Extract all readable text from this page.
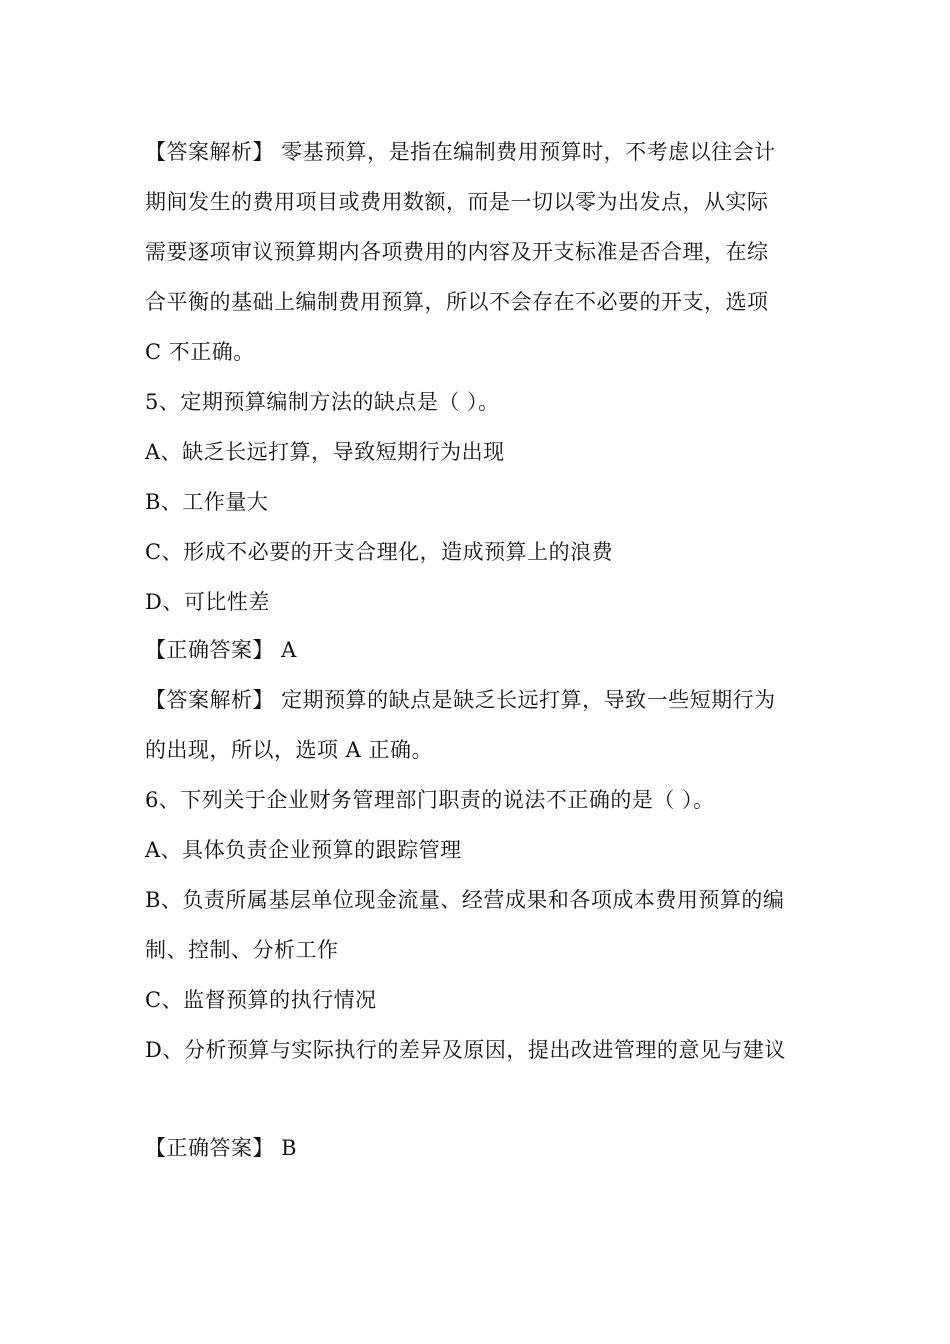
【答案解析】 零基预算，是指在编制费用预算时，不考虑以往会计
期间发生的费用项目或费用数额，而是一切以零为出发点，从实际
需要逐项审议预算期内各项费用的内容及开支标准是否合理，在综
合平衡的基础上编制费用预算，所以不会存在不必要的开支，选项
C 不正确。
5、定期预算编制方法的缺点是（ ）。
A、缺乏长远打算，导致短期行为出现
B、工作量大
C、形成不必要的开支合理化，造成预算上的浪费
D、可比性差
【正确答案】 A
【答案解析】 定期预算的缺点是缺乏长远打算，导致一些短期行为
的出现，所以，选项 A 正确。
6、下列关于企业财务管理部门职责的说法不正确的是（ ）。
A、具体负责企业预算的跟踪管理
B、负责所属基层单位现金流量、经营成果和各项成本费用预算的编
制、控制、分析工作
C、监督预算的执行情况
D、分析预算与实际执行的差异及原因，提出改进管理的意见与建议
【正确答案】 B
